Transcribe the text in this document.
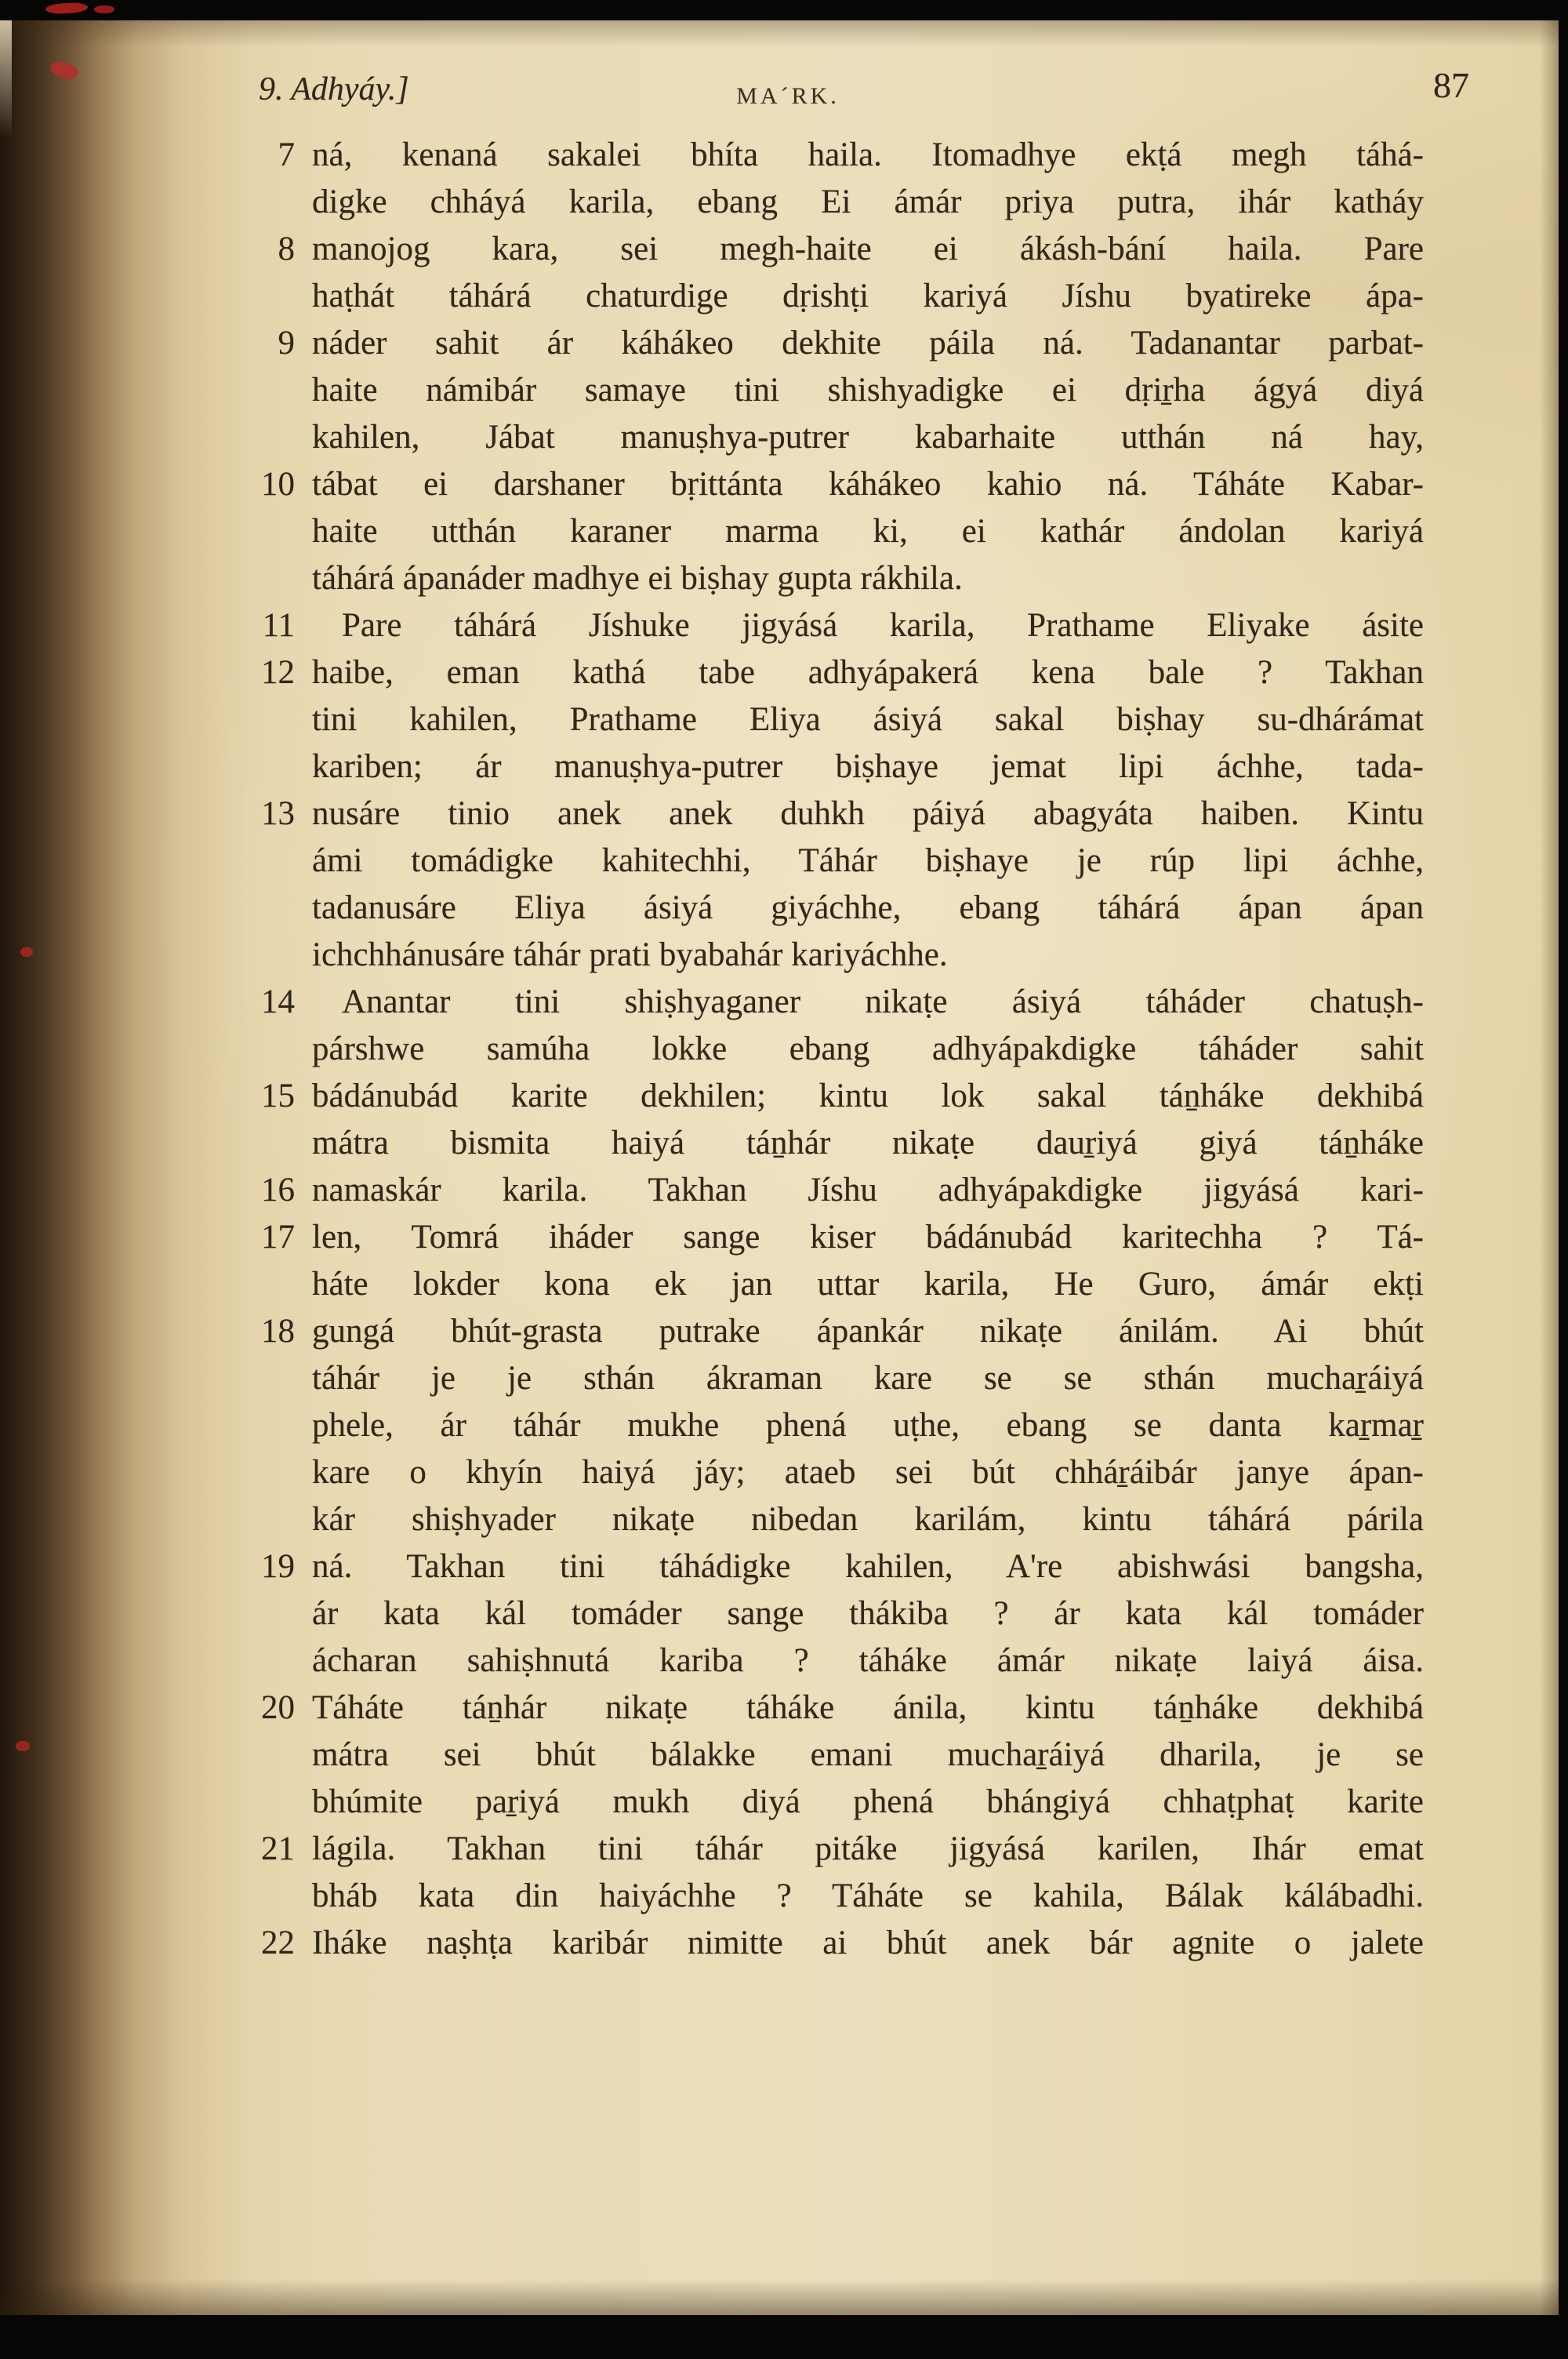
9. Adhyáy.]	MA´RK.	87
7 ná, kenaná sakalei bhíta haila. Itomadhye ekṭá megh táhá-
digke chháyá karila, ebang Ei ámár priya putra, ihár katháy
8 manojog kara, sei megh-haite ei ákásh-bání haila. Pare
haṭhát táhárá chaturdige dṛishṭi kariyá Jíshu byatireke ápa-
9 náder sahit ár káhákeo dekhite páila ná. Tadanantar parbat-
haite námibár samaye tini shishyadigke ei dṛir̠ha ágyá diyá
kahilen, Jábat manuṣhya-putrer kabarhaite utthán ná hay,
10 tábat ei darshaner bṛittánta káhákeo kahio ná. Táháte Kabar-
haite utthán karaner marma ki, ei kathár ándolan kariyá
táhárá ápanáder madhye ei biṣhay gupta rákhila.
11	Pare táhárá Jíshuke jigyásá karila, Prathame Eliyake ásite
12 haibe, eman kathá tabe adhyápakerá kena bale ? Takhan
tini kahilen, Prathame Eliya ásiyá sakal biṣhay su-dhárámat
kariben; ár manuṣhya-putrer biṣhaye jemat lipi áchhe, tada-
13 nusáre tinio anek anek duhkh páiyá abagyáta haiben. Kintu
ámi tomádigke kahitechhi, Táhár biṣhaye je rúp lipi áchhe,
tadanusáre Eliya ásiyá giyáchhe, ebang táhárá ápan ápan
ichchhánusáre táhár prati byabahár kariyáchhe.
14	Anantar tini shiṣhyaganer nikaṭe ásiyá táháder chatuṣh-
párshwe samúha lokke ebang adhyápakdigke táháder sahit
15 bádánubád karite dekhilen; kintu lok sakal tán̠háke dekhibá
mátra bismita haiyá tán̠hár nikaṭe daur̠iyá giyá tán̠háke
16 namaskár karila. Takhan Jíshu adhyápakdigke jigyásá kari-
17 len, Tomrá iháder sange kiser bádánubád karitechha ? Tá-
háte lokder kona ek jan uttar karila, He Guro, ámár ekṭi
18 gungá bhút-grasta putrake ápankár nikaṭe ánilám. Ai bhút
táhár je je sthán ákraman kare se se sthán muchar̠áiyá
phele, ár táhár mukhe phená uṭhe, ebang se danta kar̠mar̠
kare o khyín haiyá jáy; ataeb sei bút chhár̠áibár janye ápan-
kár shiṣhyader nikaṭe nibedan karilám, kintu táhárá párila
19 ná. Takhan tini táhádigke kahilen, A're abishwási bangsha,
ár kata kál tomáder sange thákiba ? ár kata kál tomáder
ácharan sahiṣhnutá kariba ? táháke ámár nikaṭe laiyá áisa.
20 Táháte tán̠hár nikaṭe táháke ánila, kintu tán̠háke dekhibá
mátra sei bhút bálakke emani muchar̠áiyá dharila, je se
bhúmite par̠iyá mukh diyá phená bhángiyá chhaṭphaṭ karite
21 lágila. Takhan tini táhár pitáke jigyásá karilen, Ihár emat
bháb kata din haiyáchhe ? Táháte se kahila, Bálak kálábadhi.
22 Iháke naṣhṭa karibár nimitte ai bhút anek bár agnite o jalete
